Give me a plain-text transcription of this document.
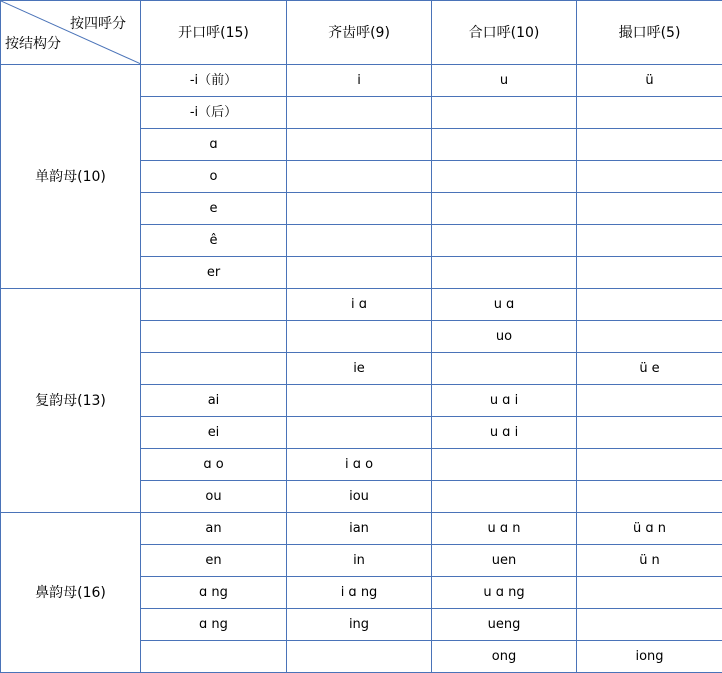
按四呼分
按结构分	开口呼(15)	齐齿呼(9)	合口呼(10)	撮口呼(5)
单韵母(10)	-i（前）	i	u	ü
	-i（后）			
	ɑ			
	o			
	e			
	ê			
	er			
复韵母(13)		i ɑ	u ɑ	
			uo	
		ie		ü e
	ai		u ɑ i	
	ei		u ɑ i	
	ɑ o	i ɑ o		
	ou	iou		
鼻韵母(16)	an	ian	u ɑ n	ü ɑ n
	en	in	uen	ü n
	ɑ ng	i ɑ ng	u ɑ ng	
	ɑ ng	ing	ueng	
			ong	iong
